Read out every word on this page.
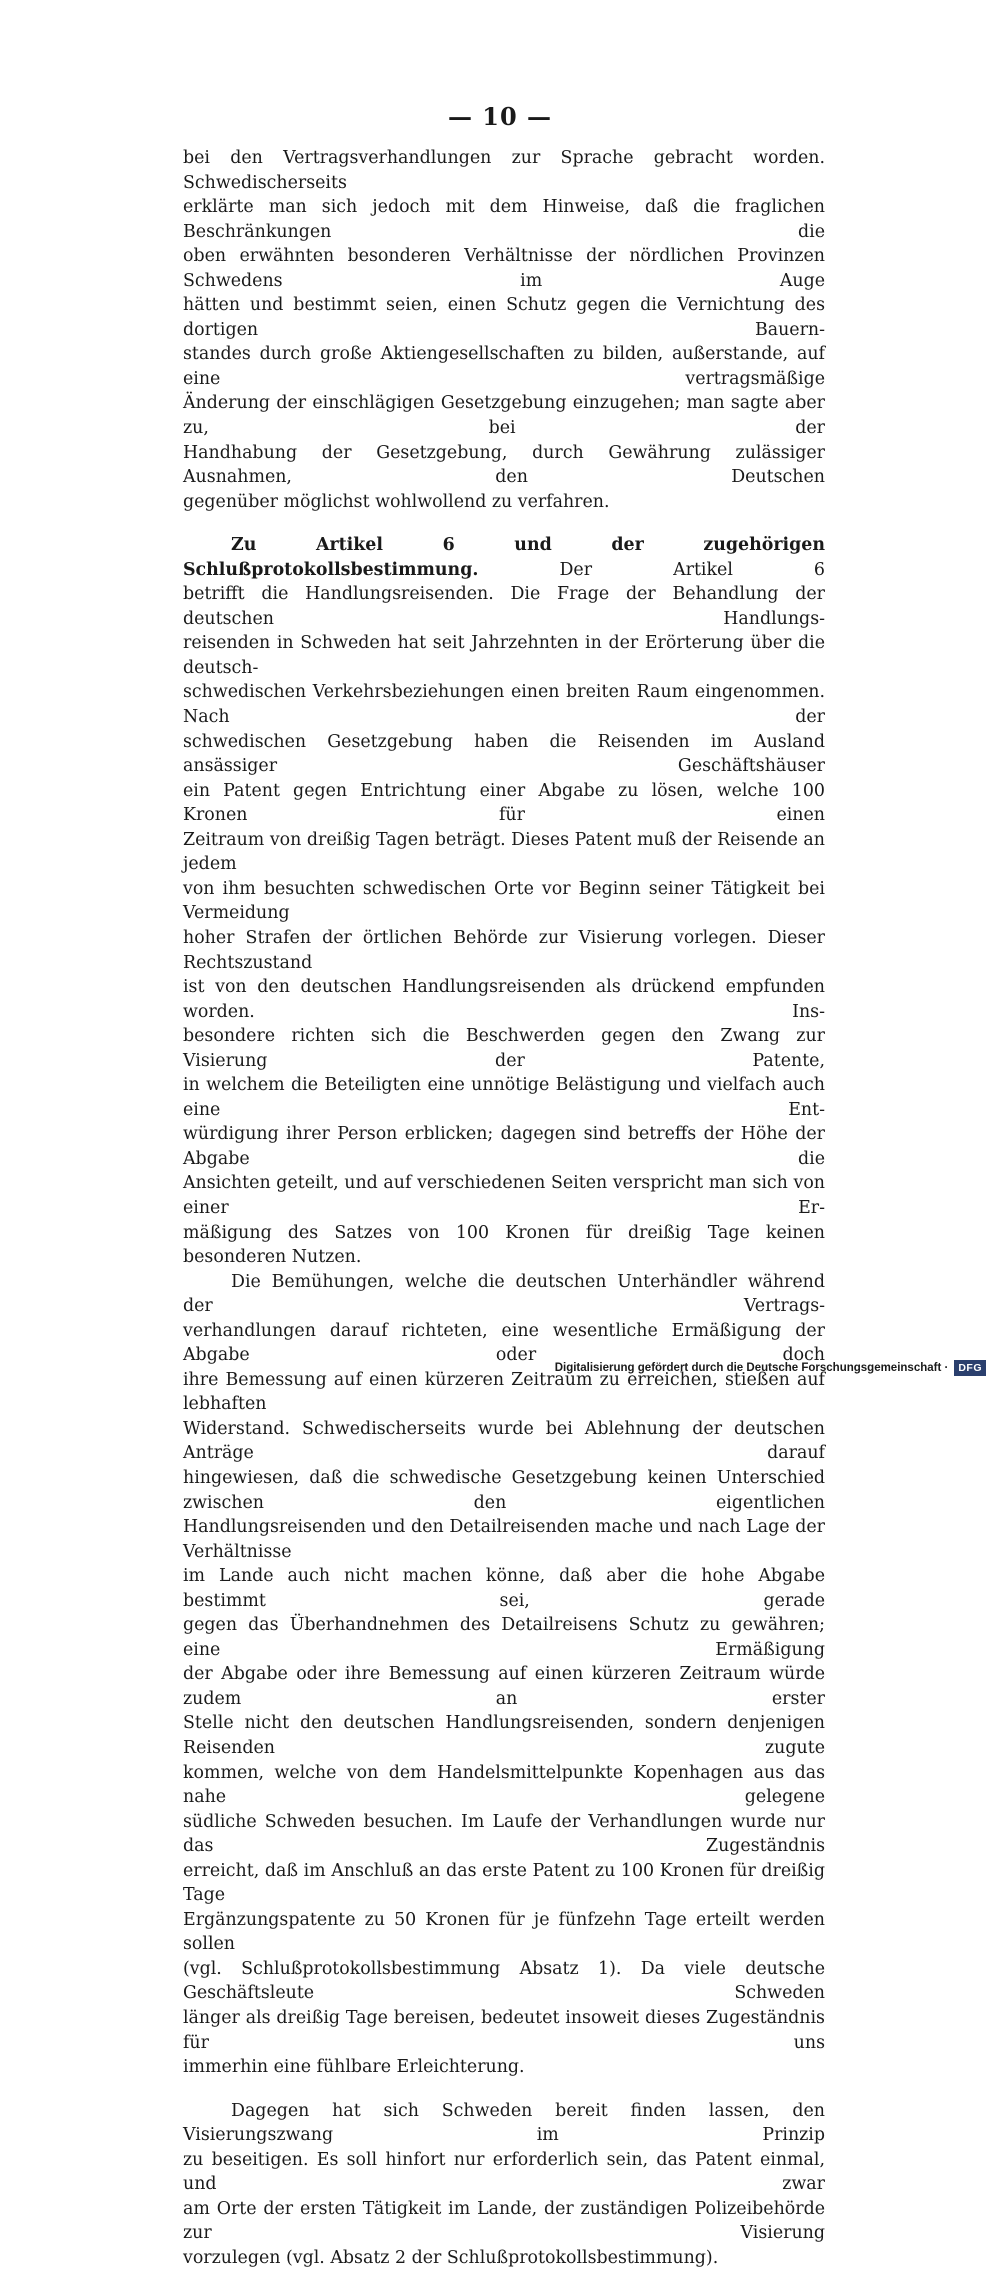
— 10 —

bei den Vertragsverhandlungen zur Sprache gebracht worden. Schwedischerseits

erklärte man sich jedoch mit dem Hinweise, daß die fraglichen Beschränkungen die

oben erwähnten besonderen Verhältnisse der nördlichen Provinzen Schwedens im Auge

hätten und bestimmt seien, einen Schutz gegen die Vernichtung des dortigen Bauern-

standes durch große Aktiengesellschaften zu bilden, außerstande, auf eine vertragsmäßige

Änderung der einschlägigen Gesetzgebung einzugehen; man sagte aber zu, bei der

Handhabung der Gesetzgebung, durch Gewährung zulässiger Ausnahmen, den Deutschen

gegenüber möglichst wohlwollend zu verfahren.

Zu Artikel 6 und der zugehörigen Schlußprotokollsbestimmung. Der Artikel 6

betrifft die Handlungsreisenden. Die Frage der Behandlung der deutschen Handlungs-

reisenden in Schweden hat seit Jahrzehnten in der Erörterung über die deutsch-

schwedischen Verkehrsbeziehungen einen breiten Raum eingenommen. Nach der

schwedischen Gesetzgebung haben die Reisenden im Ausland ansässiger Geschäftshäuser

ein Patent gegen Entrichtung einer Abgabe zu lösen, welche 100 Kronen für einen

Zeitraum von dreißig Tagen beträgt. Dieses Patent muß der Reisende an jedem

von ihm besuchten schwedischen Orte vor Beginn seiner Tätigkeit bei Vermeidung

hoher Strafen der örtlichen Behörde zur Visierung vorlegen. Dieser Rechtszustand

ist von den deutschen Handlungsreisenden als drückend empfunden worden. Ins-

besondere richten sich die Beschwerden gegen den Zwang zur Visierung der Patente,

in welchem die Beteiligten eine unnötige Belästigung und vielfach auch eine Ent-

würdigung ihrer Person erblicken; dagegen sind betreffs der Höhe der Abgabe die

Ansichten geteilt, und auf verschiedenen Seiten verspricht man sich von einer Er-

mäßigung des Satzes von 100 Kronen für dreißig Tage keinen besonderen Nutzen.

Die Bemühungen, welche die deutschen Unterhändler während der Vertrags-

verhandlungen darauf richteten, eine wesentliche Ermäßigung der Abgabe oder doch

ihre Bemessung auf einen kürzeren Zeitraum zu erreichen, stießen auf lebhaften

Widerstand. Schwedischerseits wurde bei Ablehnung der deutschen Anträge darauf

hingewiesen, daß die schwedische Gesetzgebung keinen Unterschied zwischen den eigentlichen

Handlungsreisenden und den Detailreisenden mache und nach Lage der Verhältnisse

im Lande auch nicht machen könne, daß aber die hohe Abgabe bestimmt sei, gerade

gegen das Überhandnehmen des Detailreisens Schutz zu gewähren; eine Ermäßigung

der Abgabe oder ihre Bemessung auf einen kürzeren Zeitraum würde zudem an erster

Stelle nicht den deutschen Handlungsreisenden, sondern denjenigen Reisenden zugute

kommen, welche von dem Handelsmittelpunkte Kopenhagen aus das nahe gelegene

südliche Schweden besuchen. Im Laufe der Verhandlungen wurde nur das Zugeständnis

erreicht, daß im Anschluß an das erste Patent zu 100 Kronen für dreißig Tage

Ergänzungspatente zu 50 Kronen für je fünfzehn Tage erteilt werden sollen

(vgl. Schlußprotokollsbestimmung Absatz 1). Da viele deutsche Geschäftsleute Schweden

länger als dreißig Tage bereisen, bedeutet insoweit dieses Zugeständnis für uns

immerhin eine fühlbare Erleichterung.

Dagegen hat sich Schweden bereit finden lassen, den Visierungszwang im Prinzip

zu beseitigen. Es soll hinfort nur erforderlich sein, das Patent einmal, und zwar

am Orte der ersten Tätigkeit im Lande, der zuständigen Polizeibehörde zur Visierung

vorzulegen (vgl. Absatz 2 der Schlußprotokollsbestimmung).

Digitalisierung gefördert durch die Deutsche Forschungsgemeinschaft · DFG
